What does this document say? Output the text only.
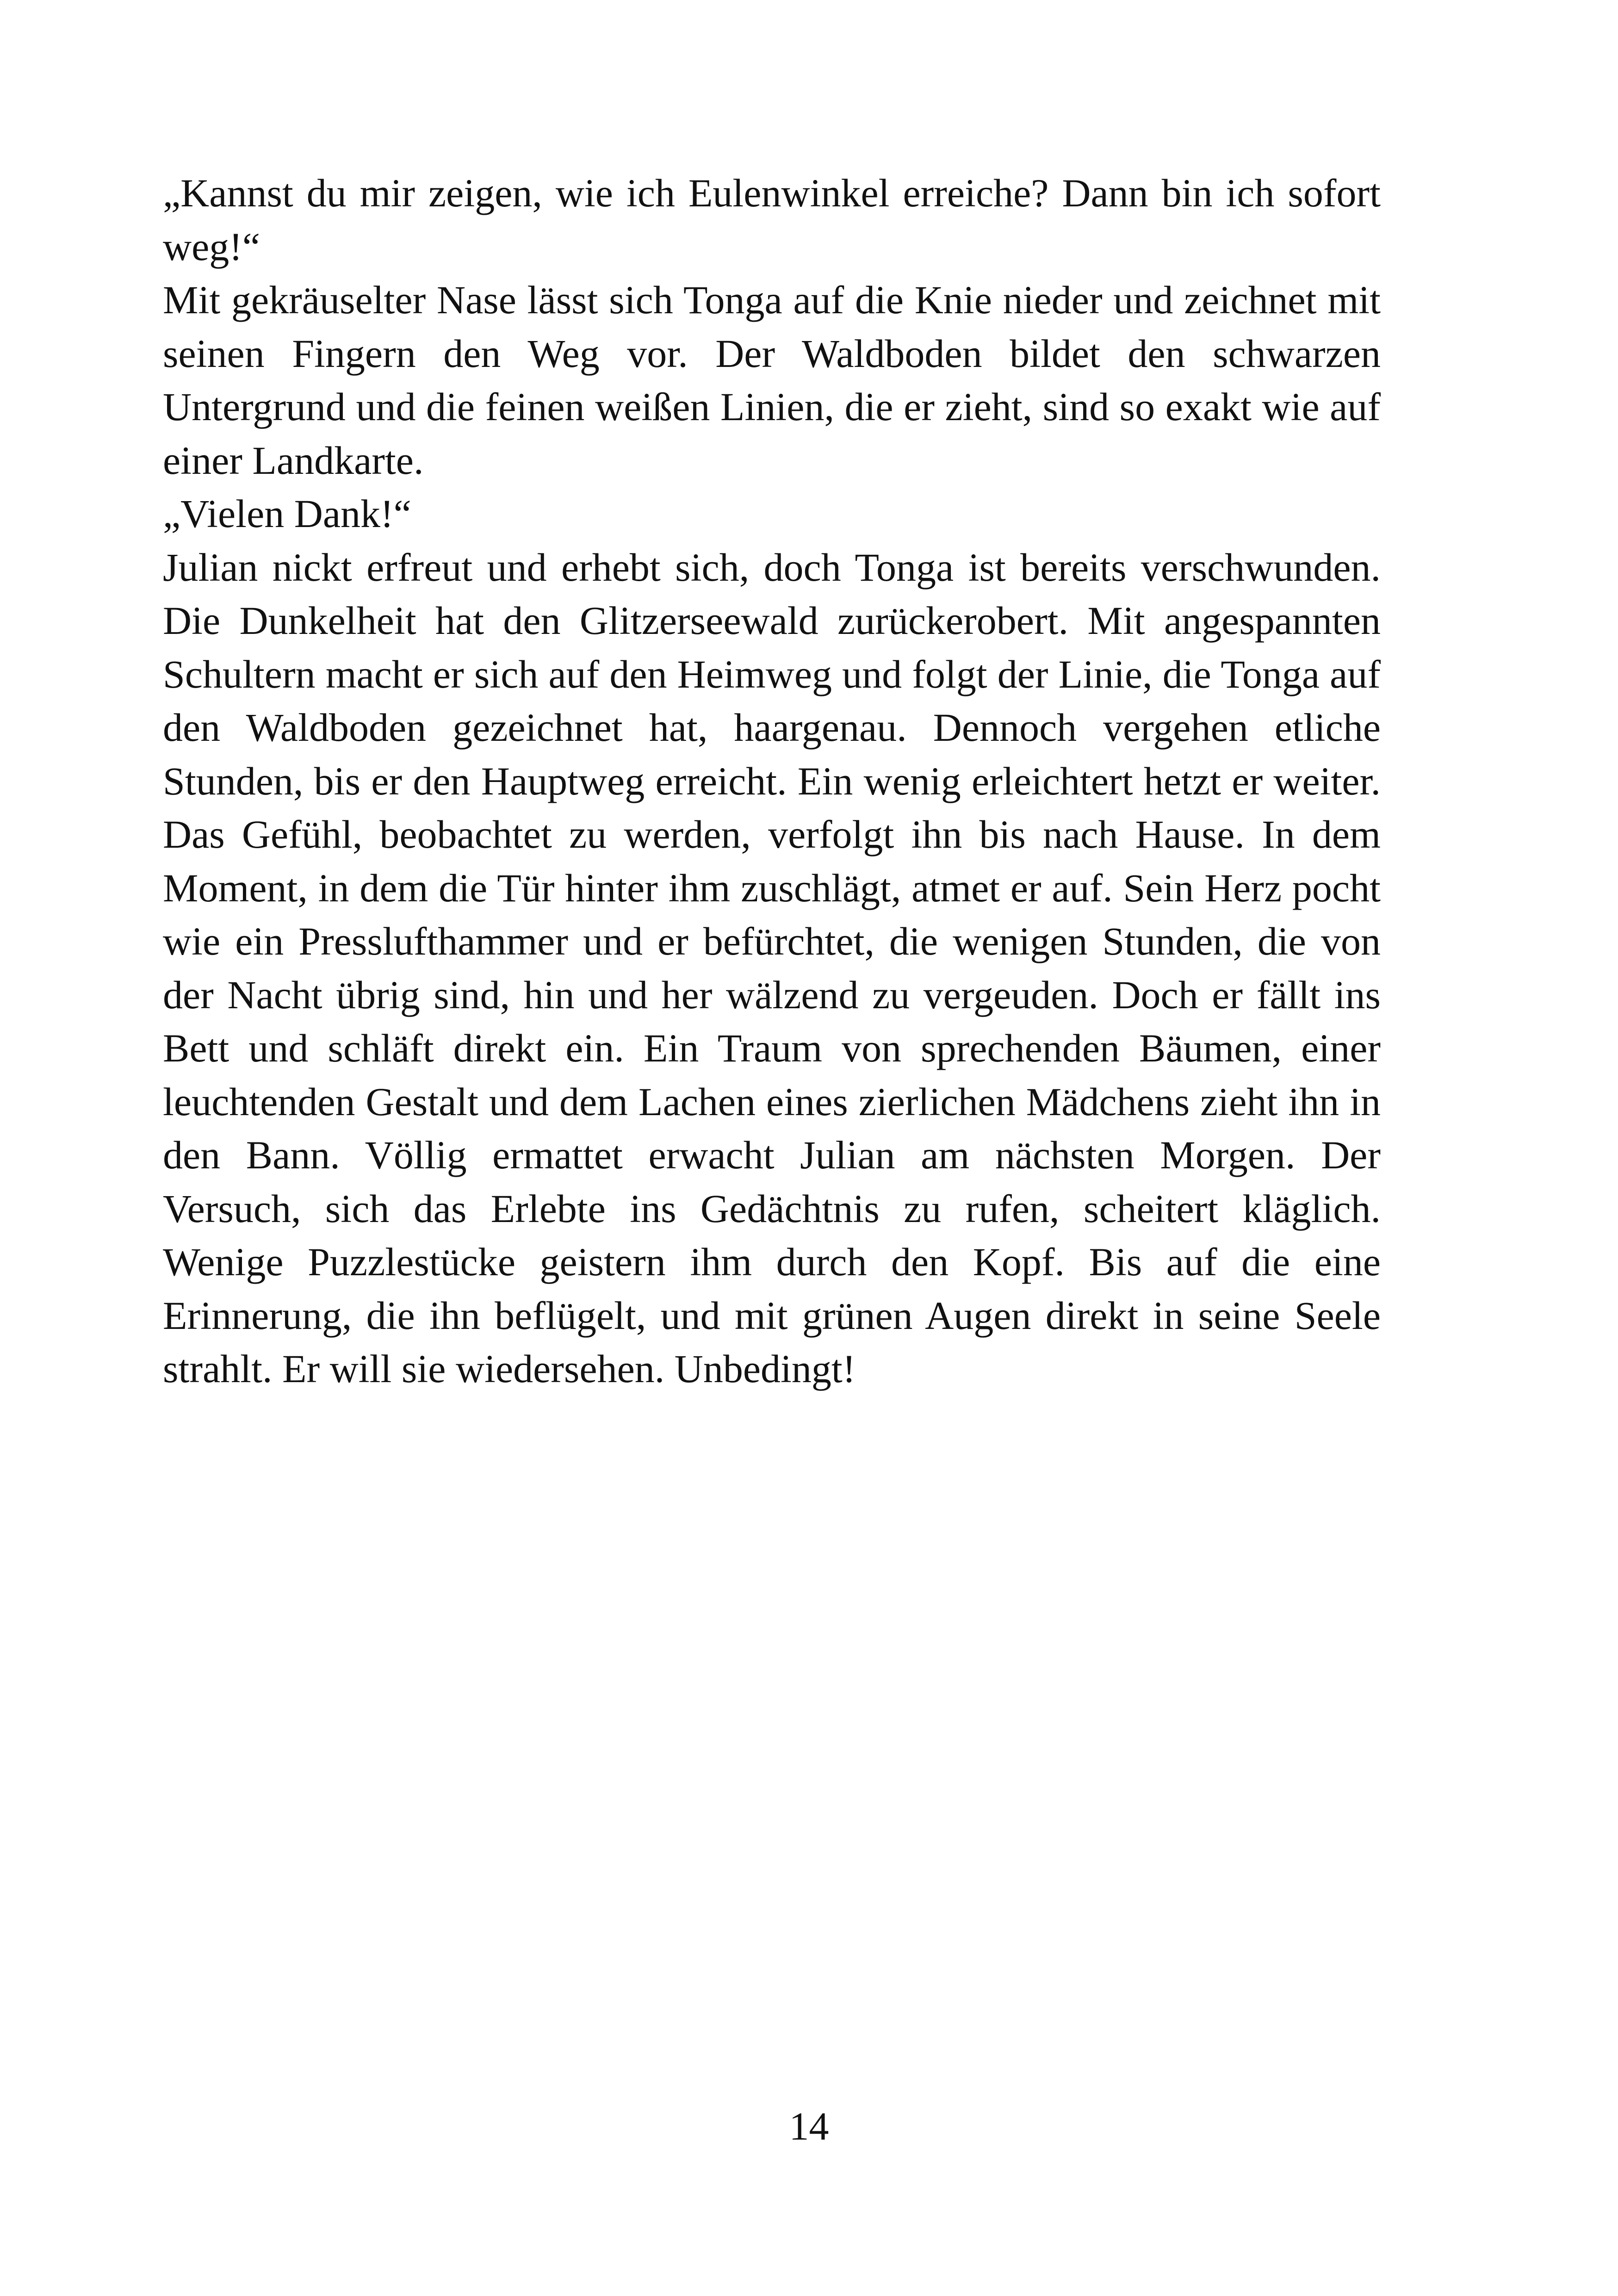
„Kannst du mir zeigen, wie ich Eulenwinkel erreiche? Dann bin ich sofort weg!“

Mit gekräuselter Nase lässt sich Tonga auf die Knie nieder und zeichnet mit seinen Fingern den Weg vor. Der Waldboden bildet den schwarzen Untergrund und die feinen weißen Linien, die er zieht, sind so exakt wie auf einer Landkarte.

„Vielen Dank!“

Julian nickt erfreut und erhebt sich, doch Tonga ist bereits verschwunden. Die Dunkelheit hat den Glitzerseewald zurückerobert. Mit angespannten Schultern macht er sich auf den Heimweg und folgt der Linie, die Tonga auf den Waldboden gezeichnet hat, haargenau. Dennoch vergehen etliche Stunden, bis er den Hauptweg erreicht. Ein wenig erleichtert hetzt er weiter. Das Gefühl, beobachtet zu werden, verfolgt ihn bis nach Hause. In dem Moment, in dem die Tür hinter ihm zuschlägt, atmet er auf. Sein Herz pocht wie ein Presslufthammer und er befürchtet, die wenigen Stunden, die von der Nacht übrig sind, hin und her wälzend zu vergeuden. Doch er fällt ins Bett und schläft direkt ein. Ein Traum von sprechenden Bäumen, einer leuchtenden Gestalt und dem Lachen eines zierlichen Mädchens zieht ihn in den Bann. Völlig ermattet erwacht Julian am nächsten Morgen. Der Versuch, sich das Erlebte ins Gedächtnis zu rufen, scheitert kläglich. Wenige Puzzlestücke geistern ihm durch den Kopf. Bis auf die eine Erinnerung, die ihn beflügelt, und mit grünen Augen direkt in seine Seele strahlt. Er will sie wiedersehen. Unbedingt!

14
